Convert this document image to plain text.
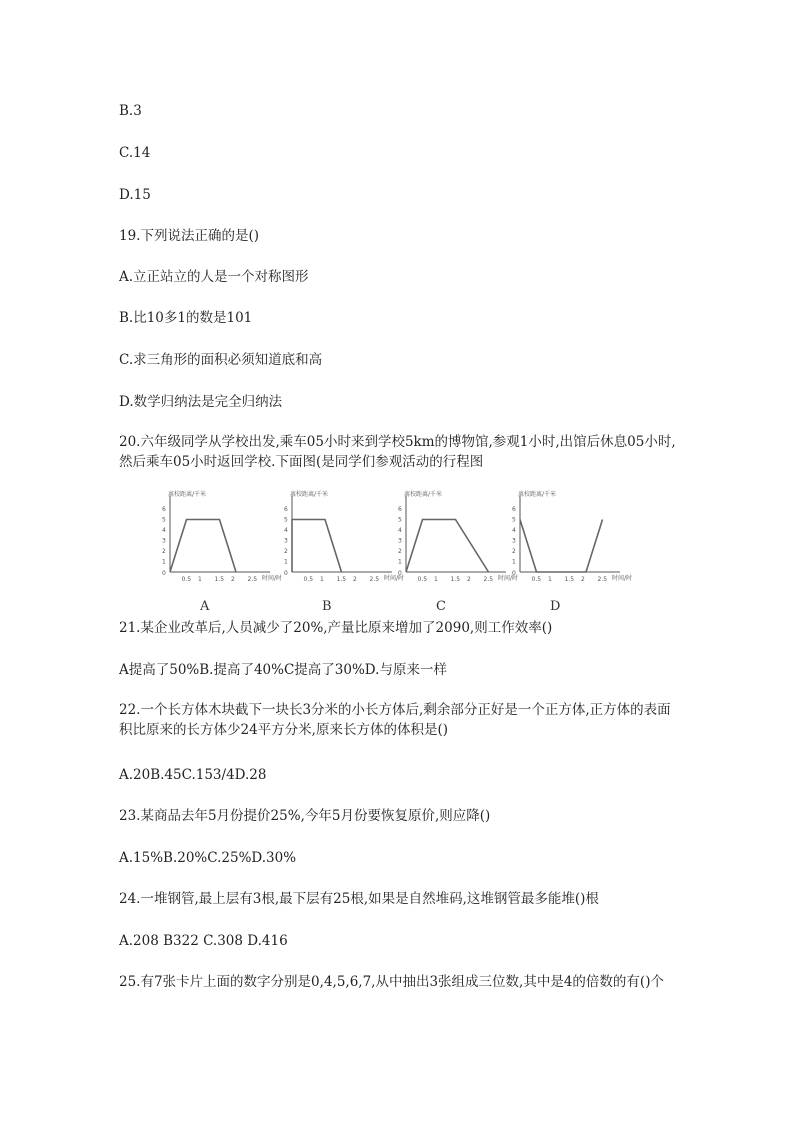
B.3
C.14
D.15
19.下列说法正确的是()
A.立正站立的人是一个对称图形
B.比10多1的数是101
C.求三角形的面积必须知道底和高
D.数学归纳法是完全归纳法
20.六年级同学从学校出发,乘车05小时来到学校5km的博物馆,参观1小时,出馆后休息05小时,然后乘车05小时返回学校.下面图(是同学们参观活动的行程图
离校距离/千米
时间/时
0
1
2
3
4
5
6
0.5 1 1.5 2 2.5
A
离校距离/千米
时间/时
0
1
2
3
4
5
6
0.5 1 1.5 2 2.5
B
离校距离/千米
时间/时
0
1
2
3
4
5
6
0.5 1 1.5 2 2.5
C
离校距离/千米
时间/时
0
1
2
3
4
5
6
0.5 1 1.5 2 2.5
D
21.某企业改革后,人员减少了20%,产量比原来增加了2090,则工作效率()
A提高了50%B.提高了40%C提高了30%D.与原来一样
22.一个长方体木块截下一块长3分米的小长方体后,剩余部分正好是一个正方体,正方体的表面积比原来的长方体少24平方分米,原来长方体的体积是()
A.20B.45C.153/4D.28
23.某商品去年5月份提价25%,今年5月份要恢复原价,则应降()
A.15%B.20%C.25%D.30%
24.一堆钢管,最上层有3根,最下层有25根,如果是自然堆码,这堆钢管最多能堆()根
A.208 B322 C.308 D.416
25.有7张卡片上面的数字分别是0,4,5,6,7,从中抽出3张组成三位数,其中是4的倍数的有()个
